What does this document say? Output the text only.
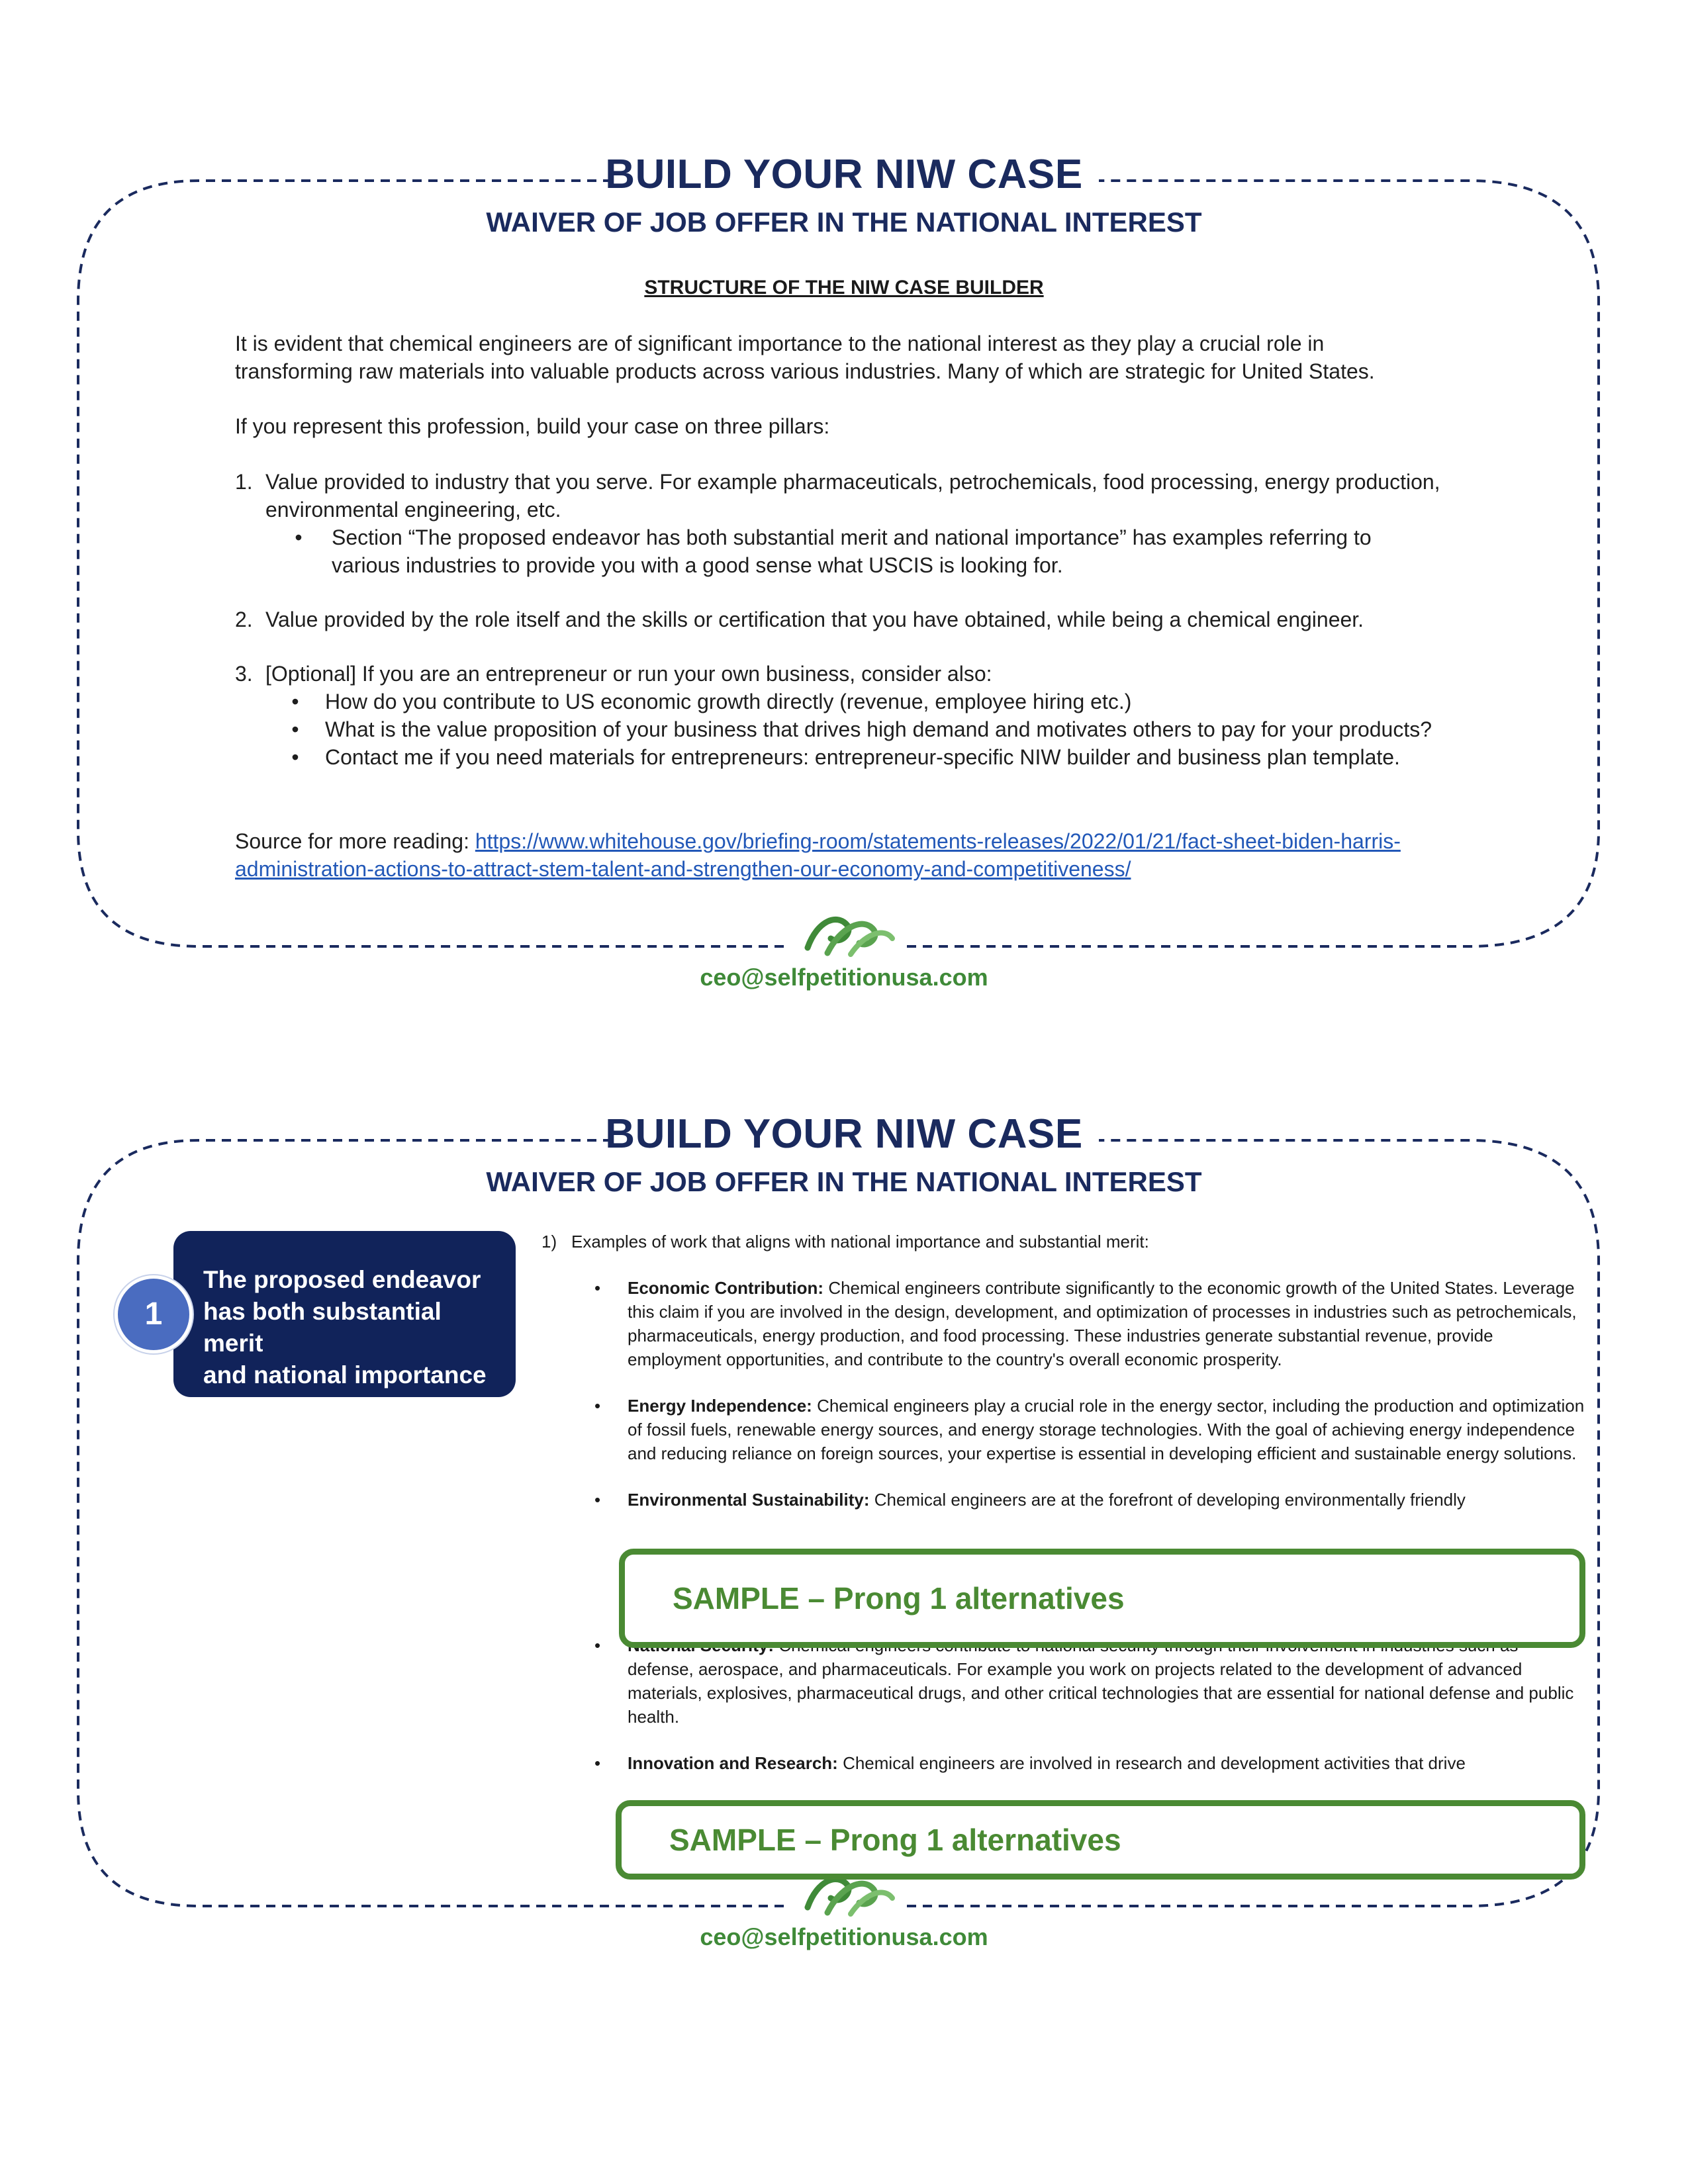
BUILD YOUR NIW CASE
WAIVER OF JOB OFFER IN THE NATIONAL INTEREST
STRUCTURE OF THE NIW CASE BUILDER

It is evident that chemical engineers are of significant importance to the national interest as they play a crucial role in

transforming raw materials into valuable products across various industries. Many of which are strategic for United States.

If you represent this profession, build your case on three pillars:
1. Value provided to industry that you serve. For example pharmaceuticals, petrochemicals, food processing, energy production,

environmental engineering, etc.

•	Section “The proposed endeavor has both substantial merit and national importance” has examples referring to

various industries to provide you with a good sense what USCIS is looking for.

2. Value provided by the role itself and the skills or certification that you have obtained, while being a chemical engineer.

3. [Optional] If you are an entrepreneur or run your own business, consider also:

•	How do you contribute to US economic growth directly (revenue, employee hiring etc.)

•	What is the value proposition of your business that drives high demand and motivates others to pay for your products?

•	Contact me if you need materials for entrepreneurs: entrepreneur-specific NIW builder and business plan template.

Source for more reading: https://www.whitehouse.gov/briefing-room/statements-releases/2022/01/21/fact-sheet-biden-harris-

administration-actions-to-attract-stem-talent-and-strengthen-our-economy-and-competitiveness/

ceo@selfpetitionusa.com
BUILD YOUR NIW CASE
WAIVER OF JOB OFFER IN THE NATIONAL INTEREST
The proposed endeavor
has both substantial merit
and national importance
1
1) Examples of work that aligns with national importance and substantial merit:
•	Economic Contribution: Chemical engineers contribute significantly to the economic growth of the United States. Leverage this claim if you are involved in the design, development, and optimization of processes in industries such as petrochemicals, pharmaceuticals, energy production, and food processing. These industries generate substantial revenue, provide employment opportunities, and contribute to the country's overall economic prosperity.
•	Energy Independence: Chemical engineers play a crucial role in the energy sector, including the production and optimization of fossil fuels, renewable energy sources, and energy storage technologies. With the goal of achieving energy independence and reducing reliance on foreign sources, your expertise is essential in developing efficient and sustainable energy solutions.
•	Environmental Sustainability: Chemical engineers are at the forefront of developing environmentally friendly
•
defense, aerospace, and pharmaceuticals. For example you work on projects related to the development of advanced materials, explosives, pharmaceutical drugs, and other critical technologies that are essential for national defense and public health.
•	Innovation and Research: Chemical engineers are involved in research and development activities that drive
SAMPLE – Prong 1 alternatives
SAMPLE – Prong 1 alternatives
ceo@selfpetitionusa.com
